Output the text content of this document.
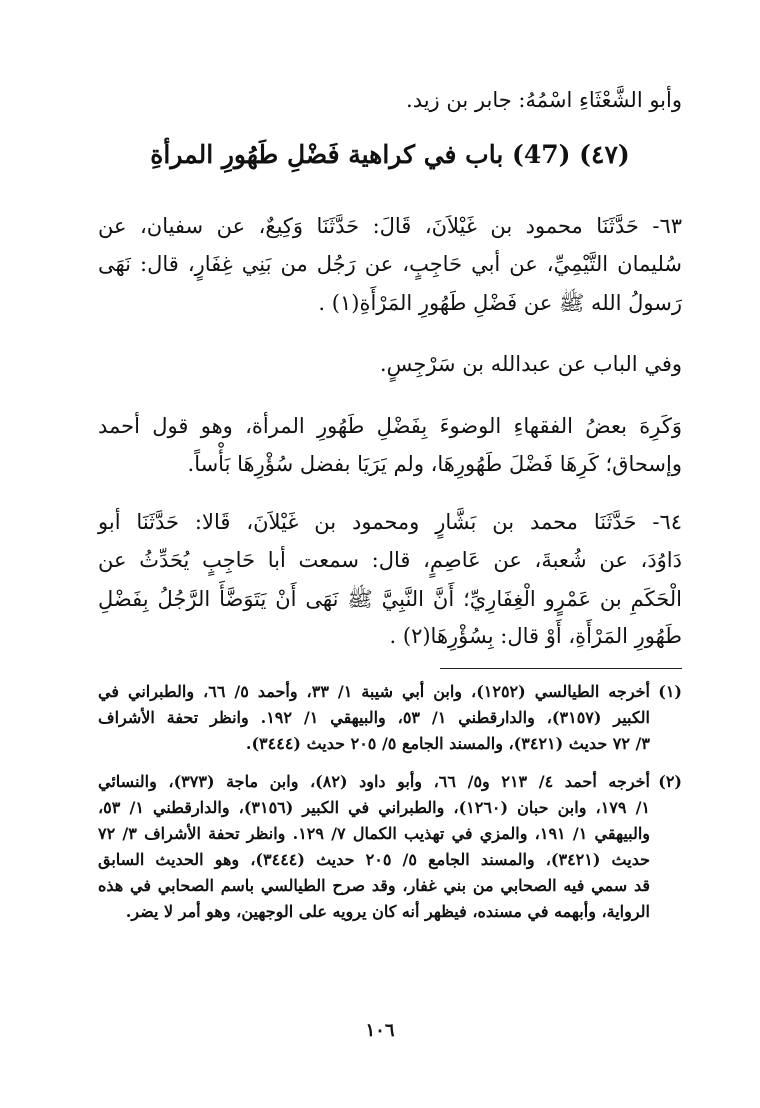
وأبو الشَّعْثَاءِ اسْمُهُ: جابر بن زيد.
(٤٧) (47) باب في كراهية فَضْلِ طَهُورِ المرأةِ
٦٣- حَدَّثَنَا محمود بن غَيْلاَنَ، قَالَ: حَدَّثَنَا وَكِيعٌ، عن سفيان، عن
سُليمان التَّيْمِيِّ، عن أبي حَاجِبٍ، عن رَجُل من بَنِي غِفَارٍ، قال: نَهَى
رَسولُ الله ﷺ عن فَضْلِ طَهُورِ المَرْأَةِ(١) .
وفي الباب عن عبدالله بن سَرْجِسٍ.
وَكَرِهَ بعضُ الفقهاءِ الوضوءَ بِفَضْلِ طَهُورِ المرأة، وهو قول أحمد
وإسحاق؛ كَرِهَا فَضْلَ طَهُورِهَا، ولم يَرَيَا بفضل سُؤْرِهَا بَأْساً.
٦٤- حَدَّثَنَا محمد بن بَشَّارٍ ومحمود بن غَيْلاَنَ، قَالا: حَدَّثَنَا أبو
دَاوُدَ، عن شُعبةَ، عن عَاصِمٍ، قال: سمعت أبا حَاجِبٍ يُحَدِّثُ عن
الْحَكَمِ بن عَمْرٍو الْغِفَارِيِّ؛ أَنَّ النَّبِيَّ ﷺ نَهَى أَنْ يَتَوَضَّأَ الرَّجُلُ بِفَضْلِ
طَهُورِ المَرْأَةِ، أَوْ قال: بِسُؤْرِهَا(٢) .
(١)
أخرجه الطيالسي (١٢٥٢)، وابن أبي شيبة ١/ ٣٣، وأحمد ٥/ ٦٦، والطبراني في
الكبير (٣١٥٧)، والدارقطني ١/ ٥٣، والبيهقي ١/ ١٩٢. وانظر تحفة الأشراف
٣/ ٧٢ حديث (٣٤٢١)، والمسند الجامع ٥/ ٢٠٥ حديث (٣٤٤٤).
(٢)
أخرجه أحمد ٤/ ٢١٣ و٥/ ٦٦، وأبو داود (٨٢)، وابن ماجة (٣٧٣)، والنسائي
١/ ١٧٩، وابن حبان (١٢٦٠)، والطبراني في الكبير (٣١٥٦)، والدارقطني ١/ ٥٣،
والبيهقي ١/ ١٩١، والمزي في تهذيب الكمال ٧/ ١٢٩. وانظر تحفة الأشراف ٣/ ٧٢
حديث (٣٤٢١)، والمسند الجامع ٥/ ٢٠٥ حديث (٣٤٤٤)، وهو الحديث السابق
قد سمي فيه الصحابي من بني غفار، وقد صرح الطيالسي باسم الصحابي في هذه
الرواية، وأبهمه في مسنده، فيظهر أنه كان يرويه على الوجهين، وهو أمر لا يضر.
١٠٦
